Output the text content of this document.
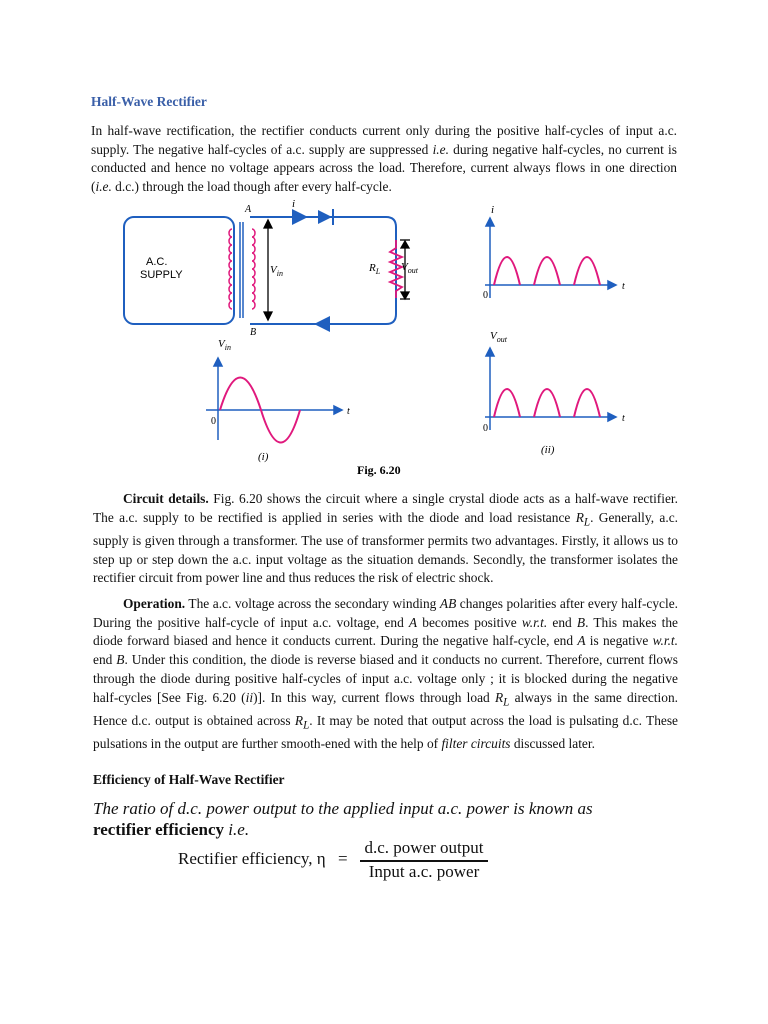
Half-Wave Rectifier
In half-wave rectification, the rectifier conducts current only during the positive half-cycles of input a.c. supply. The negative half-cycles of a.c. supply are suppressed i.e. during negative half-cycles, no current is conducted and hence no voltage appears across the load. Therefore, current always flows in one direction (i.e. d.c.) through the load though after every half-cycle.
A
B
i
A.C.
SUPPLY	$V_{in}$	$R_L$ $V_{out}$
i
t
0
$V_{in}$
t
0
(i)
$V_{out}$
t
0
(ii)
Fig. 6.20
Circuit details. Fig. 6.20 shows the circuit where a single crystal diode acts as a half-wave rectifier. The a.c. supply to be rectified is applied in series with the diode and load resistance $R_L$. Generally, a.c. supply is given through a transformer. The use of transformer permits two advantages. Firstly, it allows us to step up or step down the a.c. input voltage as the situation demands. Secondly, the transformer isolates the rectifier circuit from power line and thus reduces the risk of electric shock.
Operation. The a.c. voltage across the secondary winding AB changes polarities after every half-cycle. During the positive half-cycle of input a.c. voltage, end A becomes positive w.r.t. end B. This makes the diode forward biased and hence it conducts current. During the negative half-cycle, end A is negative w.r.t. end B. Under this condition, the diode is reverse biased and it conducts no current. Therefore, current flows through the diode during positive half-cycles of input a.c. voltage only ; it is blocked during the negative half-cycles [See Fig. 6.20 (ii)]. In this way, current flows through load $R_L$ always in the same direction. Hence d.c. output is obtained across $R_L$. It may be noted that output across the load is pulsating d.c. These pulsations in the output are further smooth-ened with the help of filter circuits discussed later.
Efficiency of Half-Wave Rectifier
The ratio of d.c. power output to the applied input a.c. power is known as rectifier efficiency i.e.
Rectifier efficiency, η =
d.c. power output
Input a.c. power
